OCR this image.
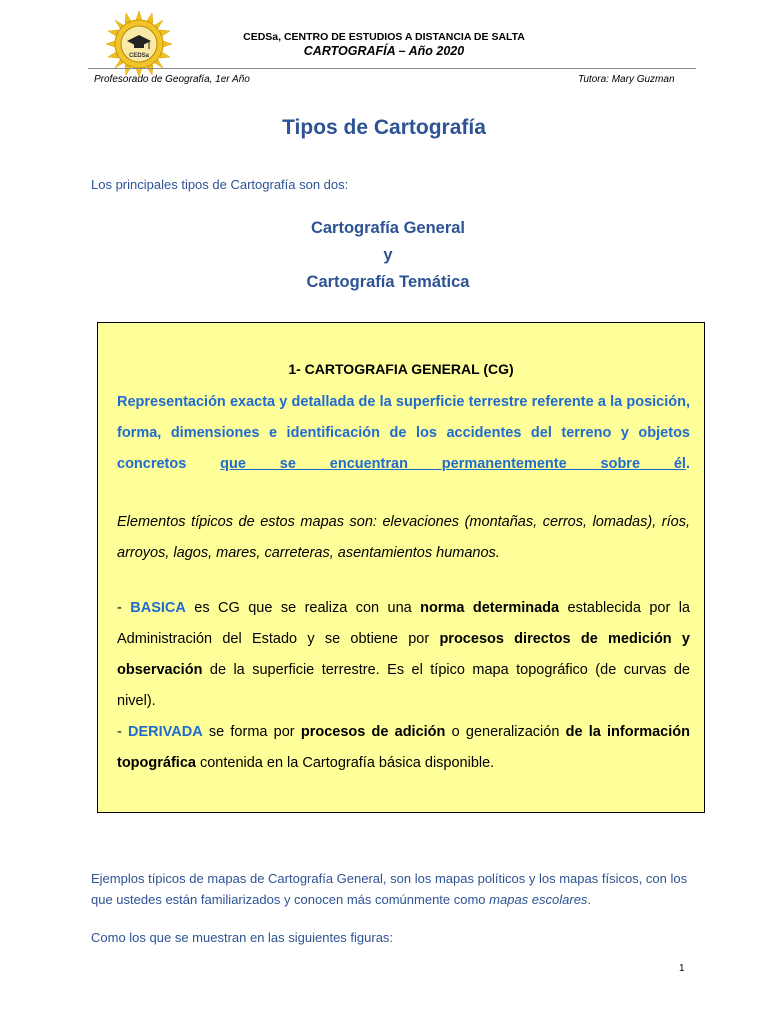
CEDSa
CEDSa, CENTRO DE ESTUDIOS A DISTANCIA DE SALTA
CARTOGRAFÍA – Año 2020
Profesorado de Geografía, 1er Año	Tutora: Mary Guzman
Tipos de Cartografía
Los principales tipos de Cartografía son dos:
Cartografía General
y
Cartografía Temática
1- CARTOGRAFIA GENERAL (CG)
Representación exacta y detallada de la superficie terrestre referente a la posición, forma, dimensiones e identificación de los accidentes del terreno y objetos concretos que se encuentran permanentemente sobre él.
Elementos típicos de estos mapas son: elevaciones (montañas, cerros, lomadas), ríos, arroyos, lagos, mares, carreteras, asentamientos humanos.
- BASICA es CG que se realiza con una norma determinada establecida por la Administración del Estado y se obtiene por procesos directos de medición y observación de la superficie terrestre. Es el típico mapa topográfico (de curvas de nivel).
- DERIVADA se forma por procesos de adición o generalización de la información topográfica contenida en la Cartografía básica disponible.
Ejemplos típicos de mapas de Cartografía General, son los mapas políticos y los mapas físicos, con los que ustedes están familiarizados y conocen más comúnmente como mapas escolares.
Como los que se muestran en las siguientes figuras:
1
